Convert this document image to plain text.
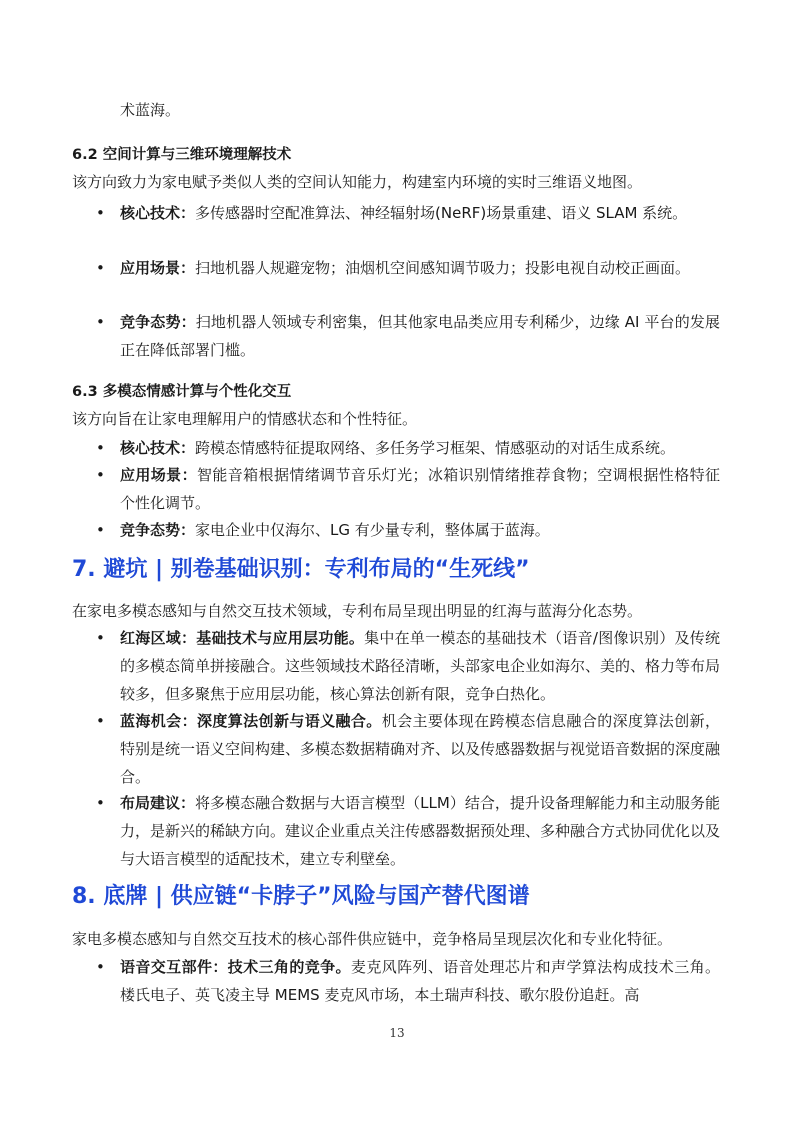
术蓝海。
6.2 空间计算与三维环境理解技术
该方向致力为家电赋予类似人类的空间认知能力，构建室内环境的实时三维语义地图。
• 核心技术：多传感器时空配准算法、神经辐射场(NeRF)场景重建、语义 SLAM 系统。
• 应用场景：扫地机器人规避宠物；油烟机空间感知调节吸力；投影电视自动校正画面。
• 竞争态势：扫地机器人领域专利密集，但其他家电品类应用专利稀少，边缘 AI 平台的发展正在降低部署门槛。
6.3 多模态情感计算与个性化交互
该方向旨在让家电理解用户的情感状态和个性特征。
• 核心技术：跨模态情感特征提取网络、多任务学习框架、情感驱动的对话生成系统。
• 应用场景：智能音箱根据情绪调节音乐灯光；冰箱识别情绪推荐食物；空调根据性格特征个性化调节。
• 竞争态势：家电企业中仅海尔、LG 有少量专利，整体属于蓝海。
7. 避坑 | 别卷基础识别：专利布局的“生死线”
在家电多模态感知与自然交互技术领域，专利布局呈现出明显的红海与蓝海分化态势。
• 红海区域：基础技术与应用层功能。集中在单一模态的基础技术（语音/图像识别）及传统的多模态简单拼接融合。这些领域技术路径清晰，头部家电企业如海尔、美的、格力等布局较多，但多聚焦于应用层功能，核心算法创新有限，竞争白热化。
• 蓝海机会：深度算法创新与语义融合。机会主要体现在跨模态信息融合的深度算法创新，特别是统一语义空间构建、多模态数据精确对齐、以及传感器数据与视觉语音数据的深度融合。
• 布局建议：将多模态融合数据与大语言模型（LLM）结合，提升设备理解能力和主动服务能力，是新兴的稀缺方向。建议企业重点关注传感器数据预处理、多种融合方式协同优化以及与大语言模型的适配技术，建立专利壁垒。
8. 底牌 | 供应链“卡脖子”风险与国产替代图谱
家电多模态感知与自然交互技术的核心部件供应链中，竞争格局呈现层次化和专业化特征。
• 语音交互部件：技术三角的竞争。麦克风阵列、语音处理芯片和声学算法构成技术三角。楼氏电子、英飞凌主导 MEMS 麦克风市场，本土瑞声科技、歌尔股份追赶。高
13
